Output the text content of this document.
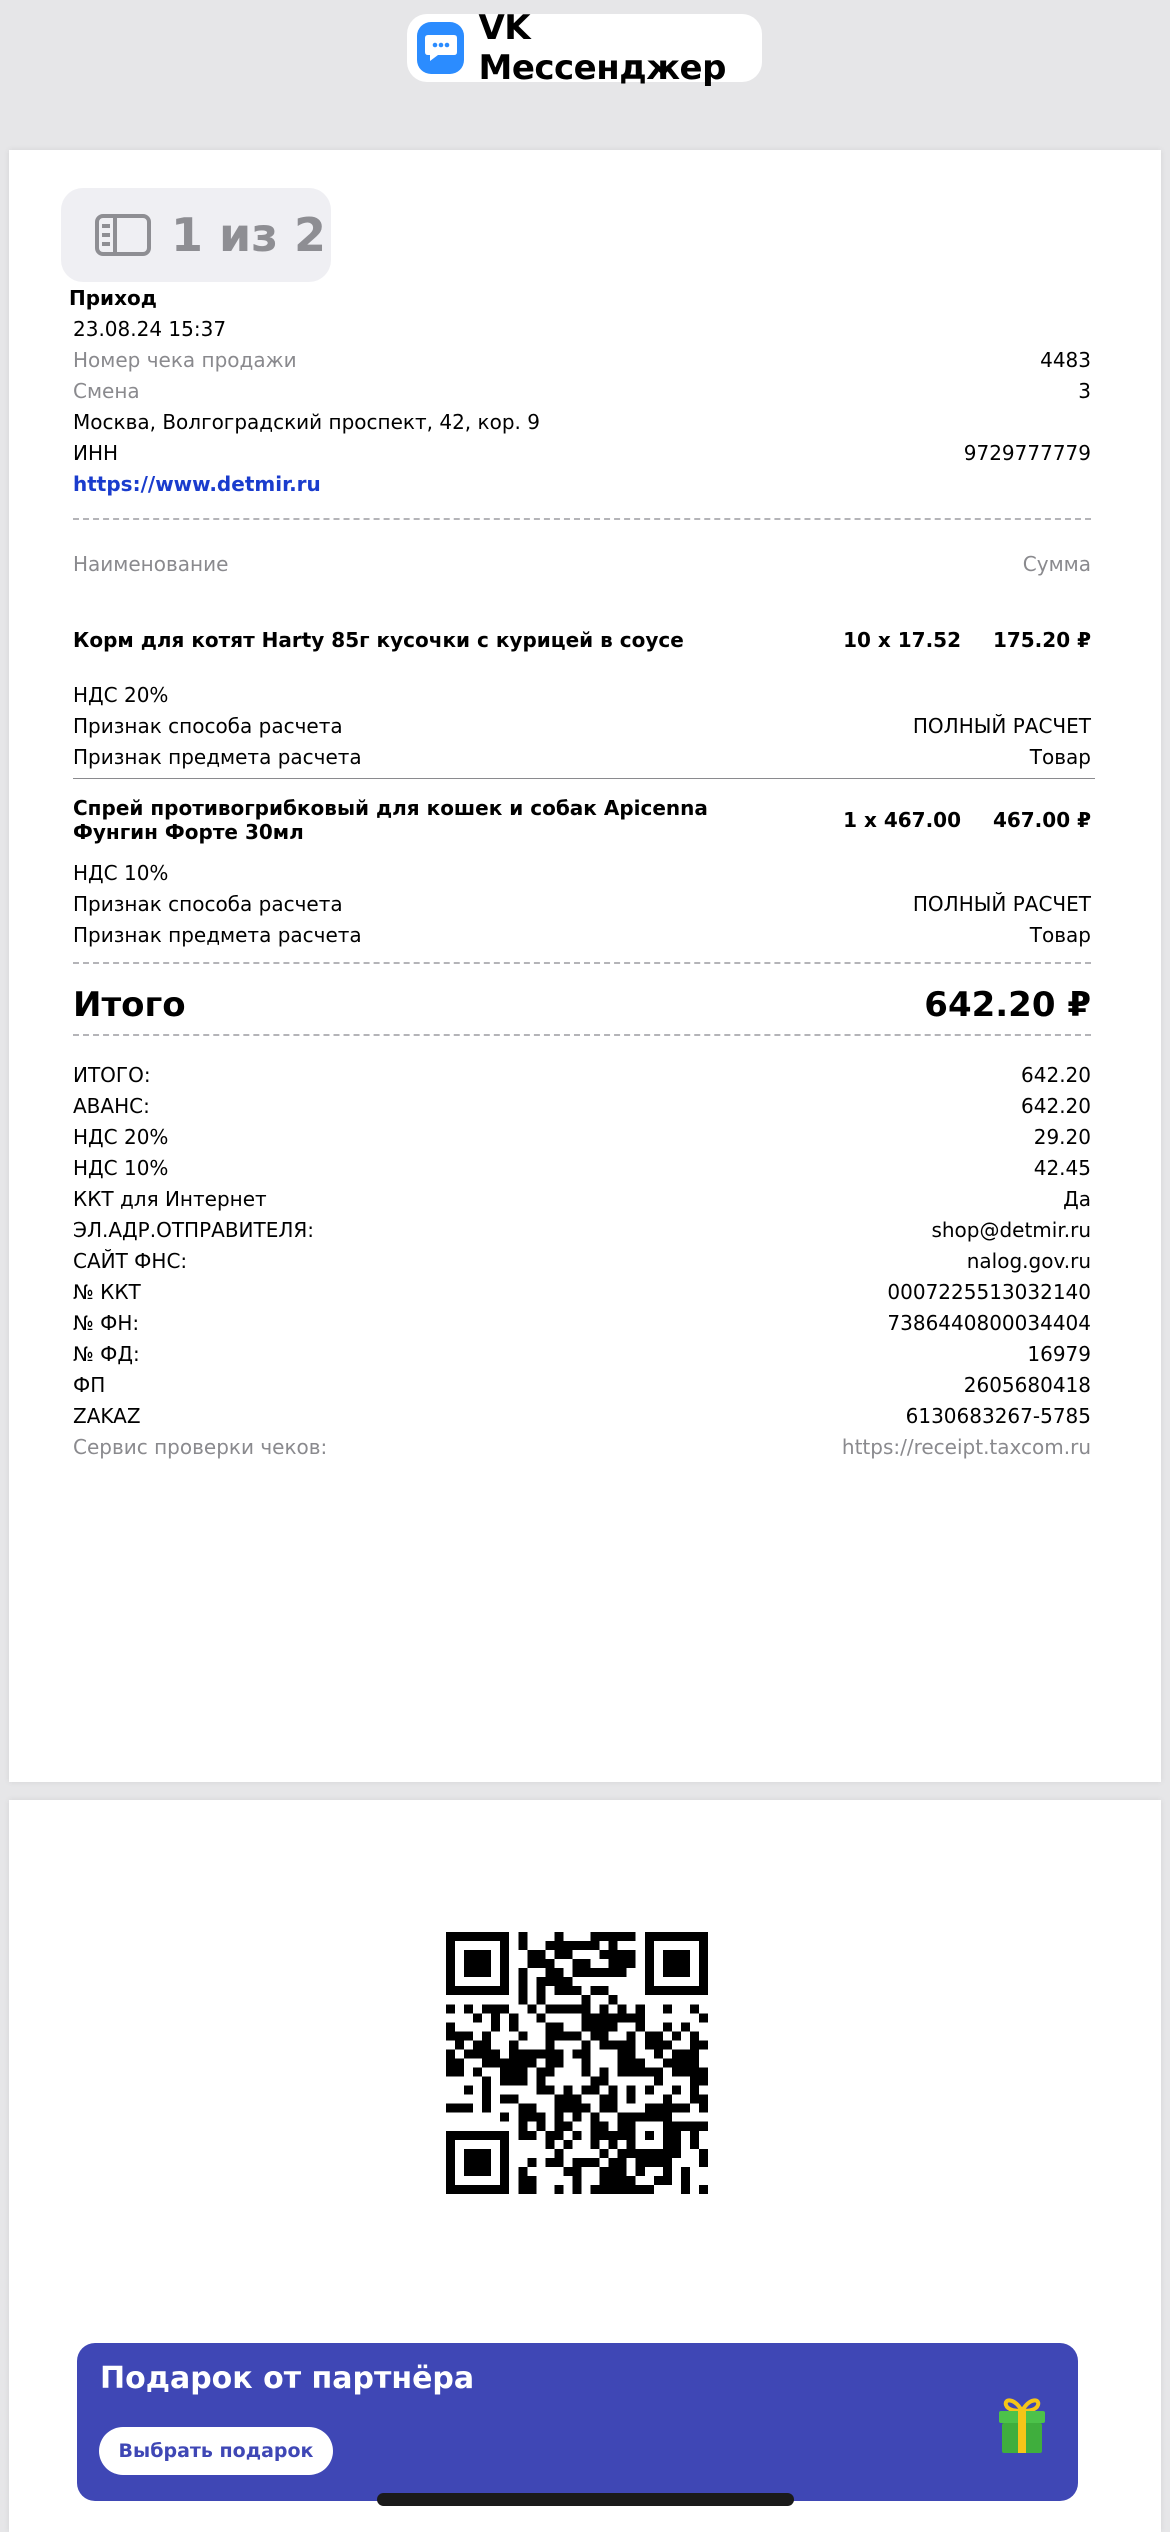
VK Мессенджер
1 из 2
Приход
23.08.24 15:37
Номер чека продажи	4483
Смена	3
Москва, Волгоградский проспект, 42, кор. 9
ИНН	9729777779
https://www.detmir.ru
Наименование	Сумма
Корм для котят Harty 85г кусочки с курицей в соусе	10 x 17.52	175.20 ₽
НДС 20%
Признак способа расчета	ПОЛНЫЙ РАСЧЕТ
Признак предмета расчета	Товар
Спрей противогрибковый для кошек и собак Apicenna Фунгин Форте 30мл	1 x 467.00	467.00 ₽
НДС 10%
Признак способа расчета	ПОЛНЫЙ РАСЧЕТ
Признак предмета расчета	Товар
Итого	642.20 ₽
ИТОГО:	642.20
АВАНС:	642.20
НДС 20%	29.20
НДС 10%	42.45
ККТ для Интернет	Да
ЭЛ.АДР.ОТПРАВИТЕЛЯ:	shop@detmir.ru
САЙТ ФНС:	nalog.gov.ru
№ ККТ	0007225513032140
№ ФН:	7386440800034404
№ ФД:	16979
ФП	2605680418
ZAKAZ	6130683267-5785
Сервис проверки чеков:	https://receipt.taxcom.ru
Подарок от партнёра
Выбрать подарок
